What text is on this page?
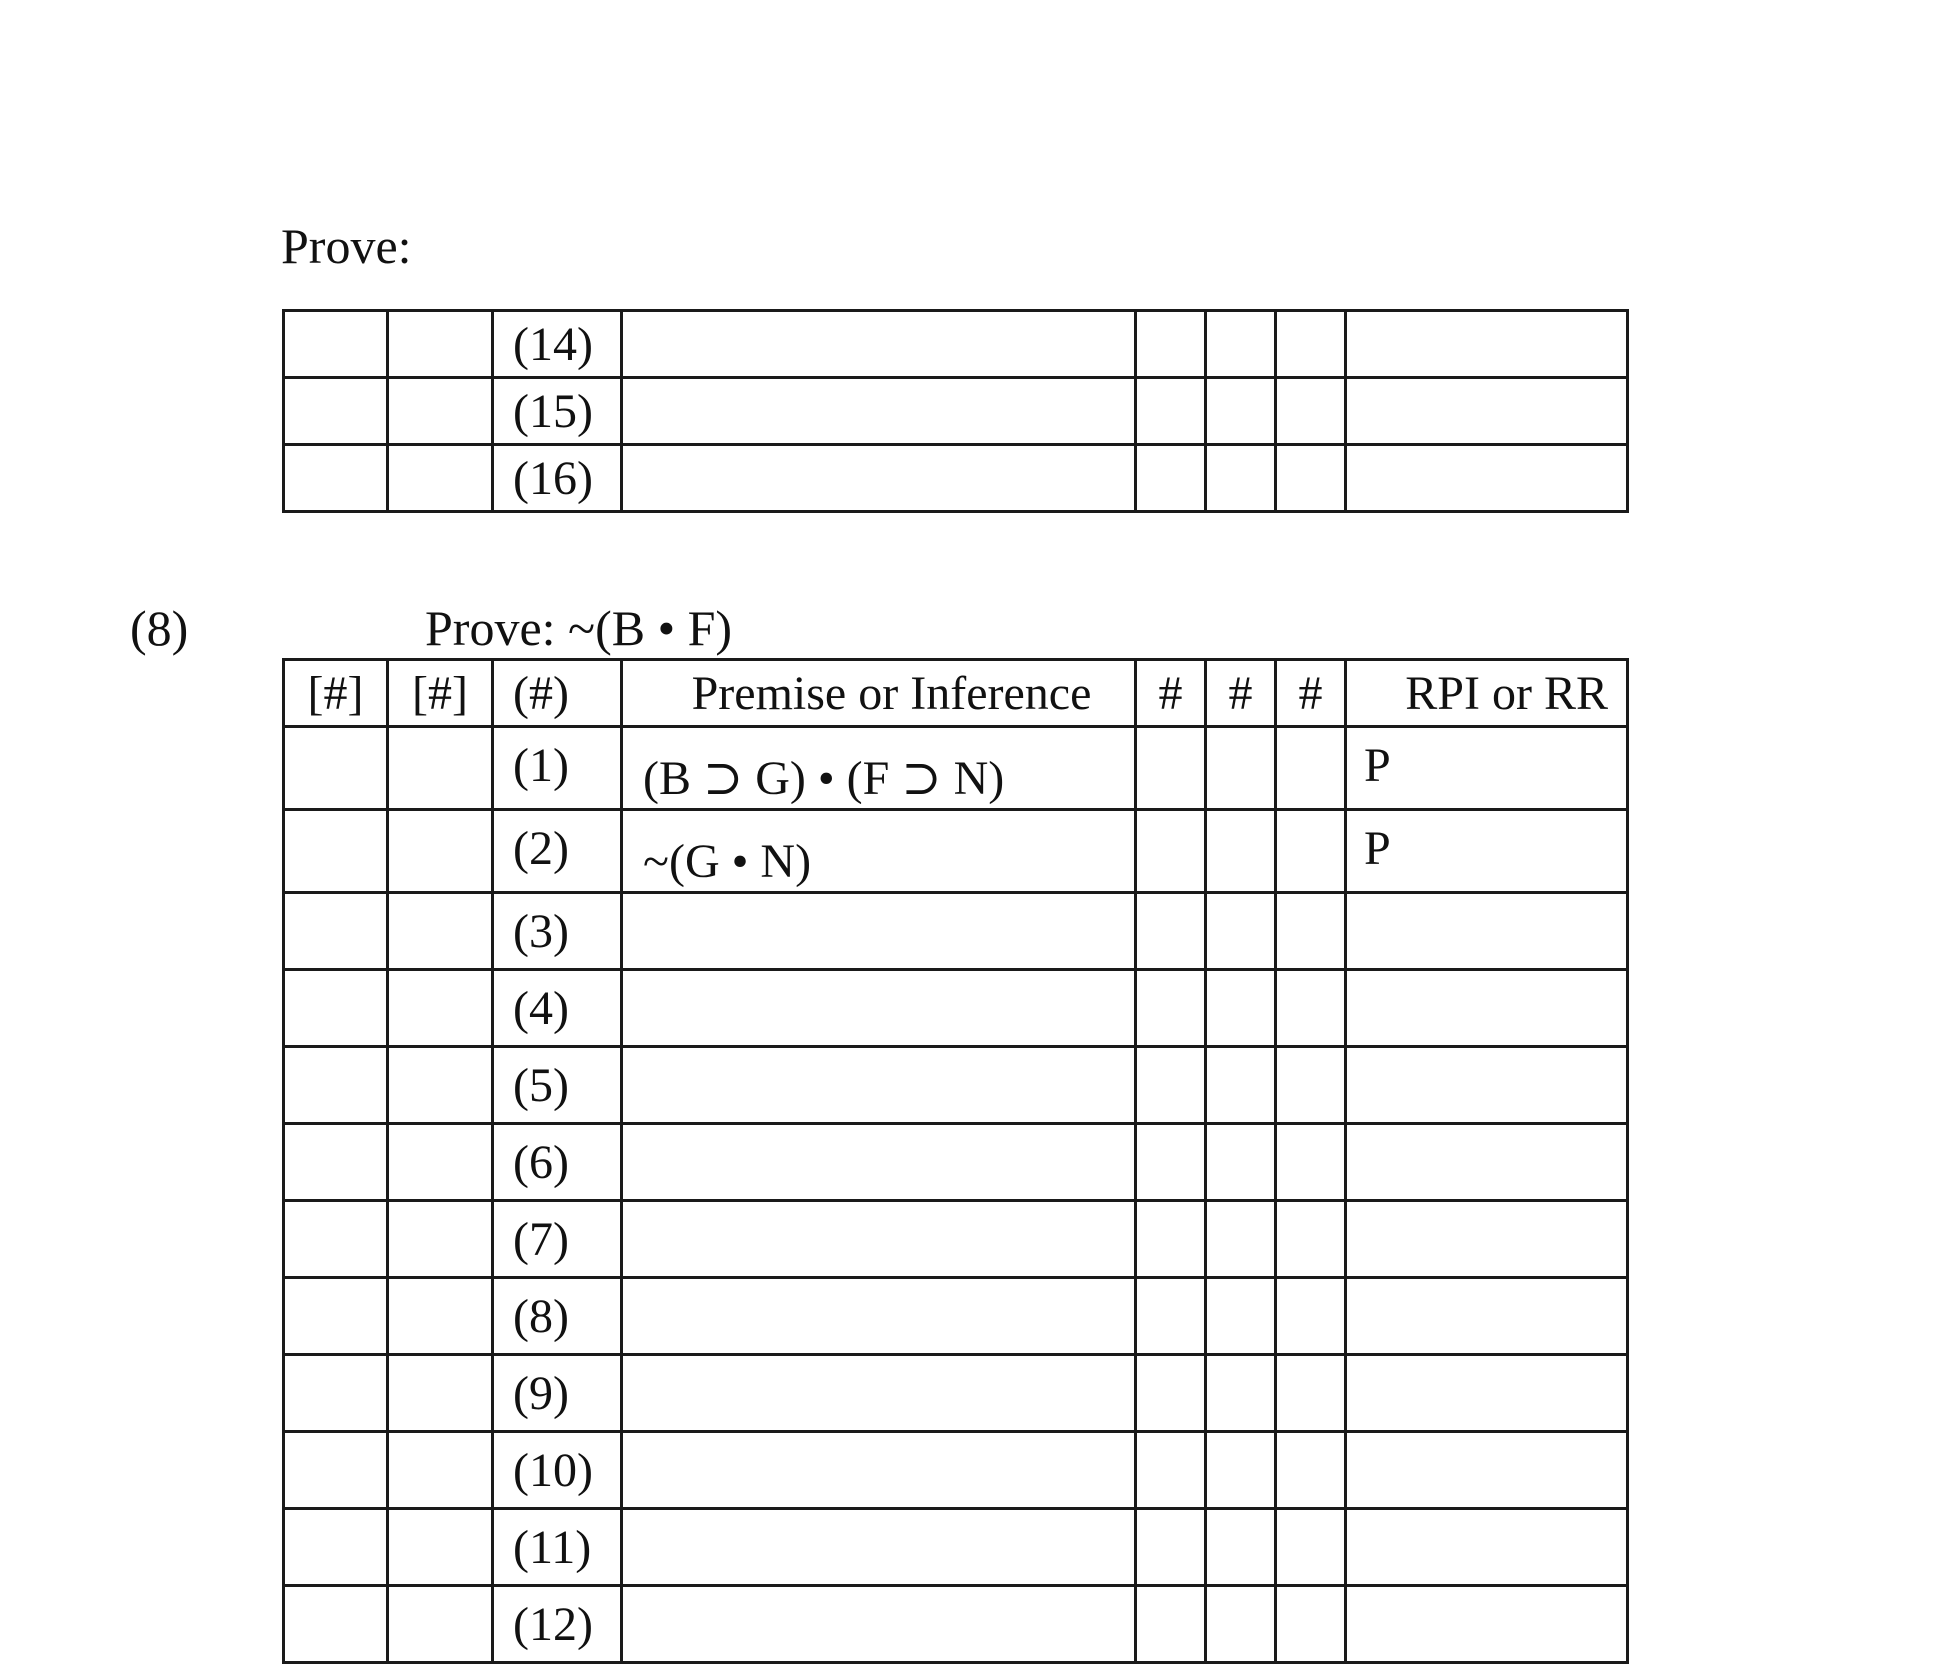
Prove:
		(14)					
		(15)					
		(16)					
(8)	Prove: ~(B • F)
[#]	[#]	(#)	Premise or Inference	#	#	#	RPI or RR
		(1)	(B ⊃ G) • (F ⊃ N)				P
		(2)	~(G • N)				P
		(3)					
		(4)					
		(5)					
		(6)					
		(7)					
		(8)					
		(9)					
		(10)					
		(11)					
		(12)					
